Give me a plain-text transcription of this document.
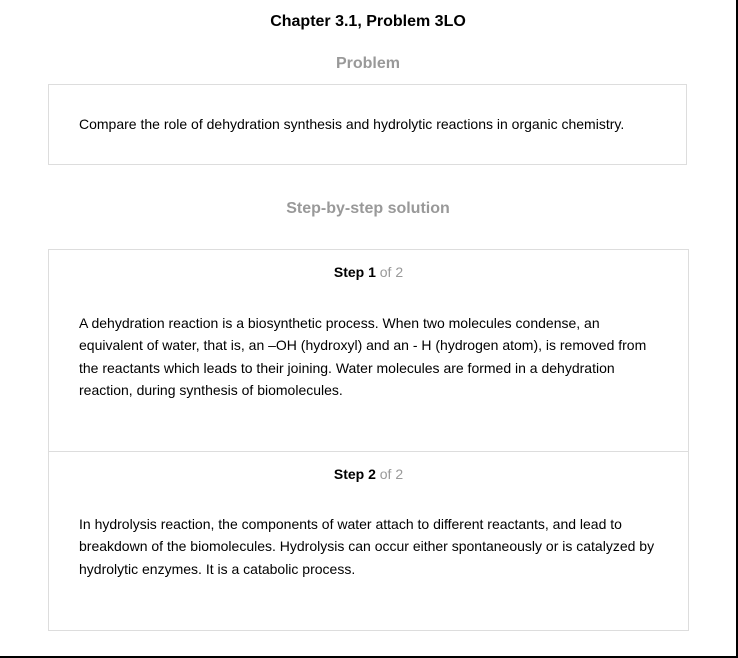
Chapter 3.1, Problem 3LO
Problem
Compare the role of dehydration synthesis and hydrolytic reactions in organic chemistry.
Step-by-step solution
Step 1 of 2
A dehydration reaction is a biosynthetic process. When two molecules condense, an equivalent of water, that is, an –OH (hydroxyl) and an - H (hydrogen atom), is removed from the reactants which leads to their joining. Water molecules are formed in a dehydration reaction, during synthesis of biomolecules.
Step 2 of 2
In hydrolysis reaction, the components of water attach to different reactants, and lead to breakdown of the biomolecules. Hydrolysis can occur either spontaneously or is catalyzed by hydrolytic enzymes. It is a catabolic process.
